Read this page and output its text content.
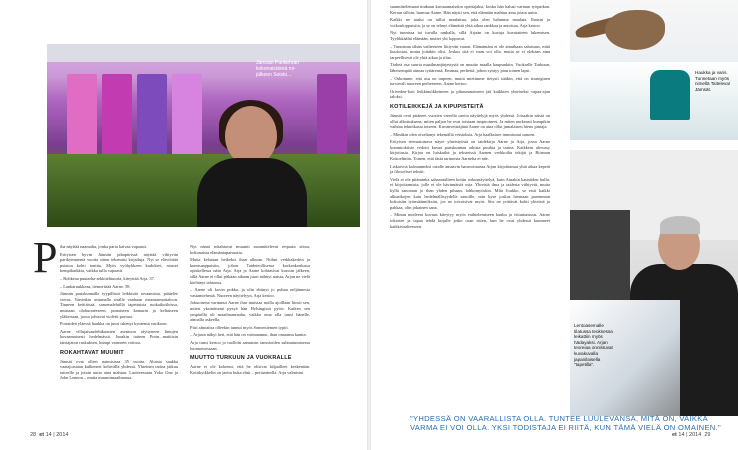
Jämsän Parikehrän kokonaisiskeä mi-jälkeen Soisto...
P iha näyttää naamalta, jonka paria kaivaa vapaasti.

Erityisen hyvin Jämsän pihapiirissä näyttää vilttyvän parikymmentä vuotta sitten tekemäsi kirjailuja. Nyt se elävöittää puistoa kohti tonttia. Myös vyöhykkeen kudokset, nouset kempikaikkia, vaikka tulla vapaasti.

– Rohkeaa puutarha-arkkitehtuuria, kiteyttää Arja. 37.

– Lankaruukkeaa, tiemerittää Aarne. 58.

Jämsän pariskunnalle tyypillistä leikkisää arvaamista, päätelee vieras. Varsinkin astumalla sisälle vanhaan ristamarmaitaloon. Tinneen keittiössä, sanomalehtillä tapettuisia ruokailutiloissa, mustaan olohuoneeseen, punaiseen kamarin ja keltaiseen yläkertaan, joosa johtavat violetit portaat.

Portaiden yläessä haukka on juuri iskenyt kyntensä varikoon.

Aarne villujaisaudehtkaasien asentoon täyttyneen lintujen kuvaamaisesti hedelmässä. Jonakin taiteen Porin...mattiisin taistajaton ruskuksen, kumpi varmeen voittoa.

ROKAHTAVAT MUUMIT

Jämsät ovat olleet naimisissa 35 vuotta. Aluista saakka vaatajoistaan kulkeneet kehivällä yhdessä. Yhteinen tarina jatkuu taiteelle ja jotain uutta aina mahtuu. Luotteessaan Yoko Ono ja John Lennon – mutta muumimaailmassa.

Nyt nämä rokahtavat muumit suunnittelevat reipasta siitoa, kokonaista elämäntapaisuutta.

Mutta kelataan hetkeksi ihan alkuun. Niihin verkkakerhin ja kumisaappaisiin, johon Taideteollisessa korkeakoulussa opiskellessa näin Arja. Arja ja Aarne kohtasivat kurssin jälkeen, sillä Aarne ei ollut pitkään aikaan juuri nähnyt naista, Arjan ne vielä kieltänyt tahtonsa.

– Aarne oli kovin pokka, ja olin ehtinyt jo puhua neljännesta vastamiehestä. Nuoreen näyttelyyn, Arja kertoo.

Jokuoisena varttunut Aarne ihar muistaa noilla ajoillaan hiosti sen, miten yksinäisenä pysyä hän Helsingissä pyöri. Kaiken sen ympärillä oli maailmanrauha, vaikka oma olla tunsi hänelle, ainoalla askeella.

Piiri alnoaiisa olleekin tunnut myös Somersiemen typtö.

– Arjasta näkyi heti, että hän on voimaannut, ihan omaansa kautta.

Arja tunsi kertoo jo tuolloin aamuisin tanssioiden suhtautumisessa luonnoisessaan.

MUUTTO TURKUUN JA VUOKRALLE

Aarne ei ole kokenut, että he olisivat kilpailleet keskenään. Kottikyikkelin on jaettu kuka ehtii – periaatteella. Arja valmistui

28 et 14 | 2014

suunnittelemaan mukaan kuvaaamaisdon opettajaksi, koska hän halusi varman työpaikan. Kerran silloin, hurmaa Aarne. Hän näytti sen, että elämään mahtuu aina jotain uutta.

Kaikki ne taulut on tullut maalattua, joka olen halunnut maalata. Ihaisin ja voikonloppuisiin, ja se on tehnyt elämästä yhtä aikaa rankkaa ja antoisaa, Arja kertoo.

Nyt tunnissa tai tuvalla rankalla, sillä Arjaän on kuvaja kuvataiteen lukemisen. Tyylikkäältä elämään, muttei yht loppuvat.

– Tunnistan tähän vaiheeseen liittyvän vaarat. Elämäntäni ei ole ainutkaan salaisuus, mitä kuulostaa, mutta joitakin olisi. Joskus sitä ei vaan voi olla, mutta se ei olekaan aina tarpeellisesti ole yhtä aikaa ja tilaa.

Tärkeä osa suurta maailmanjärjestystä on muutto maalla kaupunkiin. Vuokralle Turkuun, läheisempää ainoaa tyttärensä, Emmaa, perhettä, johon syntyy pian toinen lapsi.

– Oskomme, että asu on tarpeen, mutta mietimme tietysti sitäkin, että on strateginen turvavali nuoreen perheeseen, Aarne kertoo.

Oriveden-koti leikkimökkeineen ja pihasaunoineen jää kaikkien yhteiseksi vapaa-ajan taloksi.

KOTILEIKKEJÄ JA KIPUPISTEITÄ

Jämsät ovat pitäneet vuosien varrella useita näyttelyjä myös yhdessä. Joissakin niistä on ollut alkoituksena, miten paljon he ovat toistaan inspiroineet. Ja miten norkeasti kumpikin vaihtaa tekniikasta toiseen. Kuvanveistäjänä Aarne on aina ollut jumalaisen hieno pintaja.

– Minäkin olen oivaltanyt tekemällä veistoksia. Arja haalkaisee innostunut sanoen.

Erityisen riemastuttava näyte yhteistyöstä on taidekirja Aarne ja Arja, jossa Aarne kommiokiiste vedotti kuvaa pariskunnan arkista puuhia ja tarina. Kaikkein alewasy kirjoitusta. Kirjaa on luiskailut ja teksteissä Aarnen verkkoilta tekijät ja Riisman Kokoelmiin. Toinen, että tästä tarinoista Aarnelta ei näe.

Liskarvoa kolmanneksi ostalle amaavin haravoimassa Arjan kirjoittamat yhtä aikaa kepeät ja filosofiset tekstit.

Vielä ei ole pitäminkä sahaantulleen kotiin sirkusnäyttelyä, kuin Ainakin kauniiden hullu, ei kirjoittamista, jolle ei ole hävinnäisiä osia. Yhteistä ilma ja taidesta viihtyvät, mutta kyllä sanotaan jo ihan yhden pihaan, lohkomyöskin. Mitä Joukko, se etsii kaikki alkuaikojen kuin hedelmällisyydelle sanoille, niin kyse joskus hiemaan paremman kokoisiin työnsäännöksiin, jos ne toivoisivat myös. Siis ne yrittävät kohti yhteistä ja pahkaa, olin jokainen sana.

– Minun mieleeni kuvaus kiteytyy myös vaihtelemiseen kauhu ja vittumaisuus. Aarne tokaisee ja tapaa tehdä kirjalle jotko osan sitten, kun he ovat yhdessä kuunneet kaikkivaalteeseen.

Haukka ja varis. Tunnetaan myös nimellä Taiteleva! Jämsät.
Lentoasemalle tilatussa teoksessa leikattiin myös hädayaksi. Arjan teoreiaa onnistuvat kuvakuvalla japanilaisella "tapetilla".
"YHDESSÄ ON VAARALLISTA OLLA. TUNTEE LUULEVANSA, MITÄ ON, VAIKKA VARMA EI VOI OLLA. YKSI TODISTAJA EI RIITÄ, KUN TÄMÄ VIELÄ ON OMAINEN."
et 14 | 2014 29
